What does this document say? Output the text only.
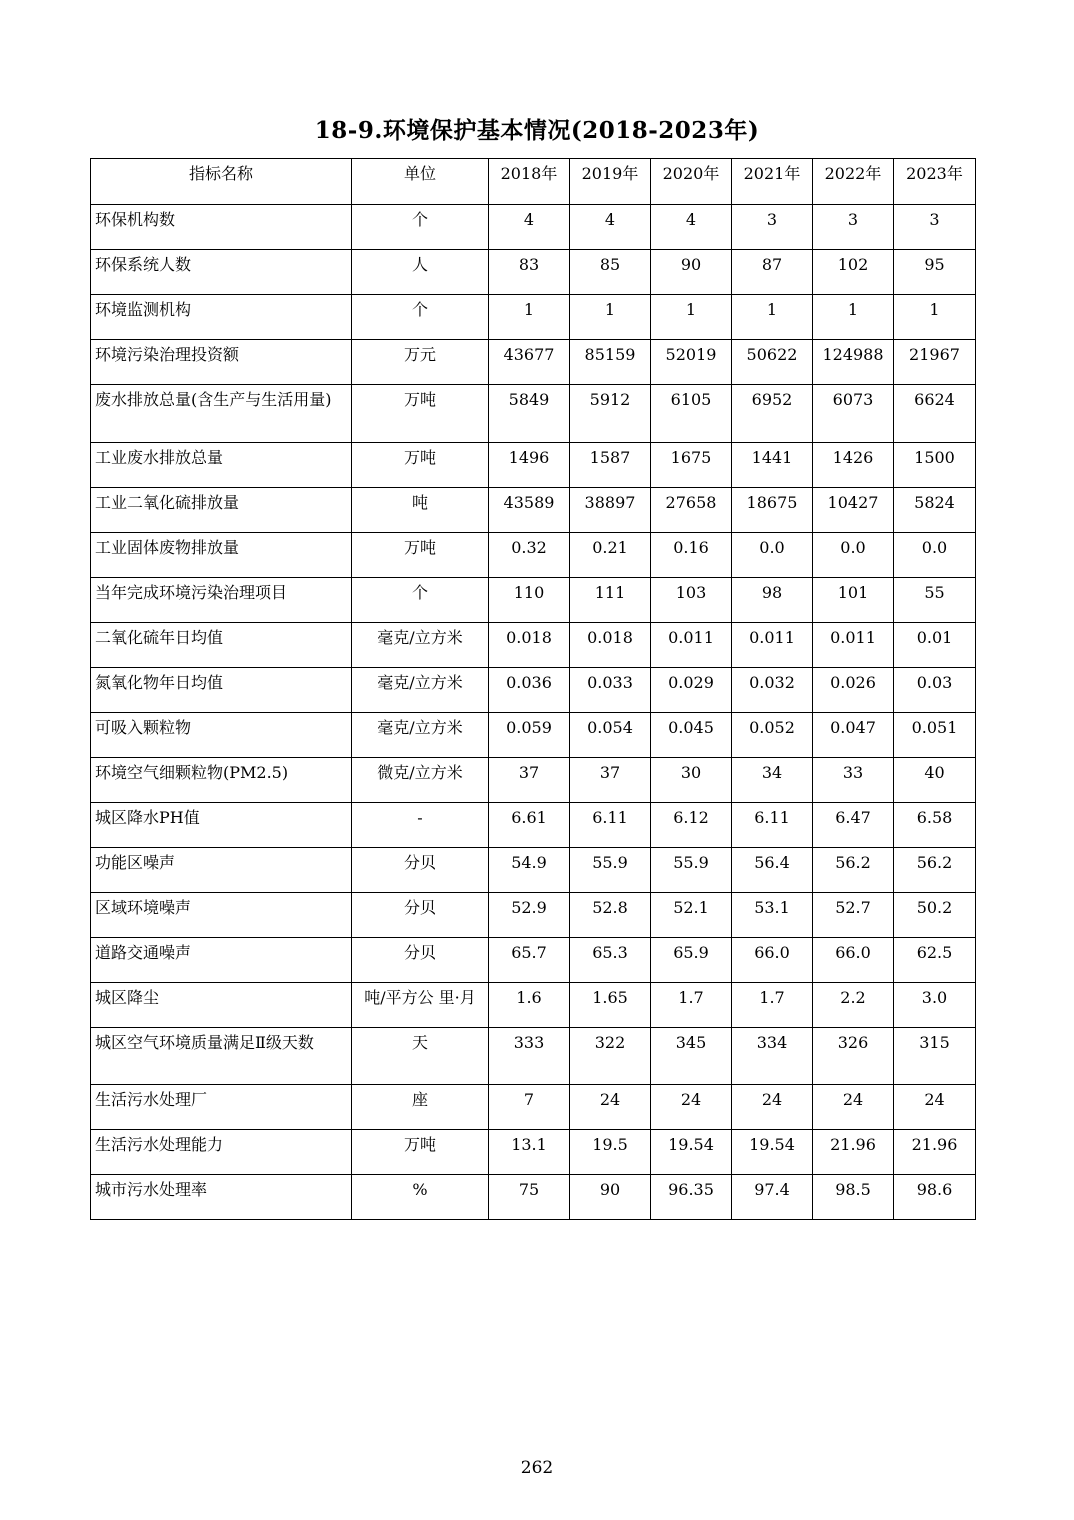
18-9.环境保护基本情况(2018-2023年)
指标名称	单位	2018年	2019年	2020年	2021年	2022年	2023年
环保机构数	个	4	4	4	3	3	3
环保系统人数	人	83	85	90	87	102	95
环境监测机构	个	1	1	1	1	1	1
环境污染治理投资额	万元	43677	85159	52019	50622	124988	21967
废水排放总量(含生产与生活用量)	万吨	5849	5912	6105	6952	6073	6624
工业废水排放总量	万吨	1496	1587	1675	1441	1426	1500
工业二氧化硫排放量	吨	43589	38897	27658	18675	10427	5824
工业固体废物排放量	万吨	0.32	0.21	0.16	0.0	0.0	0.0
当年完成环境污染治理项目	个	110	111	103	98	101	55
二氧化硫年日均值	毫克/立方米	0.018	0.018	0.011	0.011	0.011	0.01
氮氧化物年日均值	毫克/立方米	0.036	0.033	0.029	0.032	0.026	0.03
可吸入颗粒物	毫克/立方米	0.059	0.054	0.045	0.052	0.047	0.051
环境空气细颗粒物(PM2.5)	微克/立方米	37	37	30	34	33	40
城区降水PH值	-	6.61	6.11	6.12	6.11	6.47	6.58
功能区噪声	分贝	54.9	55.9	55.9	56.4	56.2	56.2
区域环境噪声	分贝	52.9	52.8	52.1	53.1	52.7	50.2
道路交通噪声	分贝	65.7	65.3	65.9	66.0	66.0	62.5
城区降尘	吨/平方公 里·月	1.6	1.65	1.7	1.7	2.2	3.0
城区空气环境质量满足Ⅱ级天数	天	333	322	345	334	326	315
生活污水处理厂	座	7	24	24	24	24	24
生活污水处理能力	万吨	13.1	19.5	19.54	19.54	21.96	21.96
城市污水处理率	%	75	90	96.35	97.4	98.5	98.6
262
